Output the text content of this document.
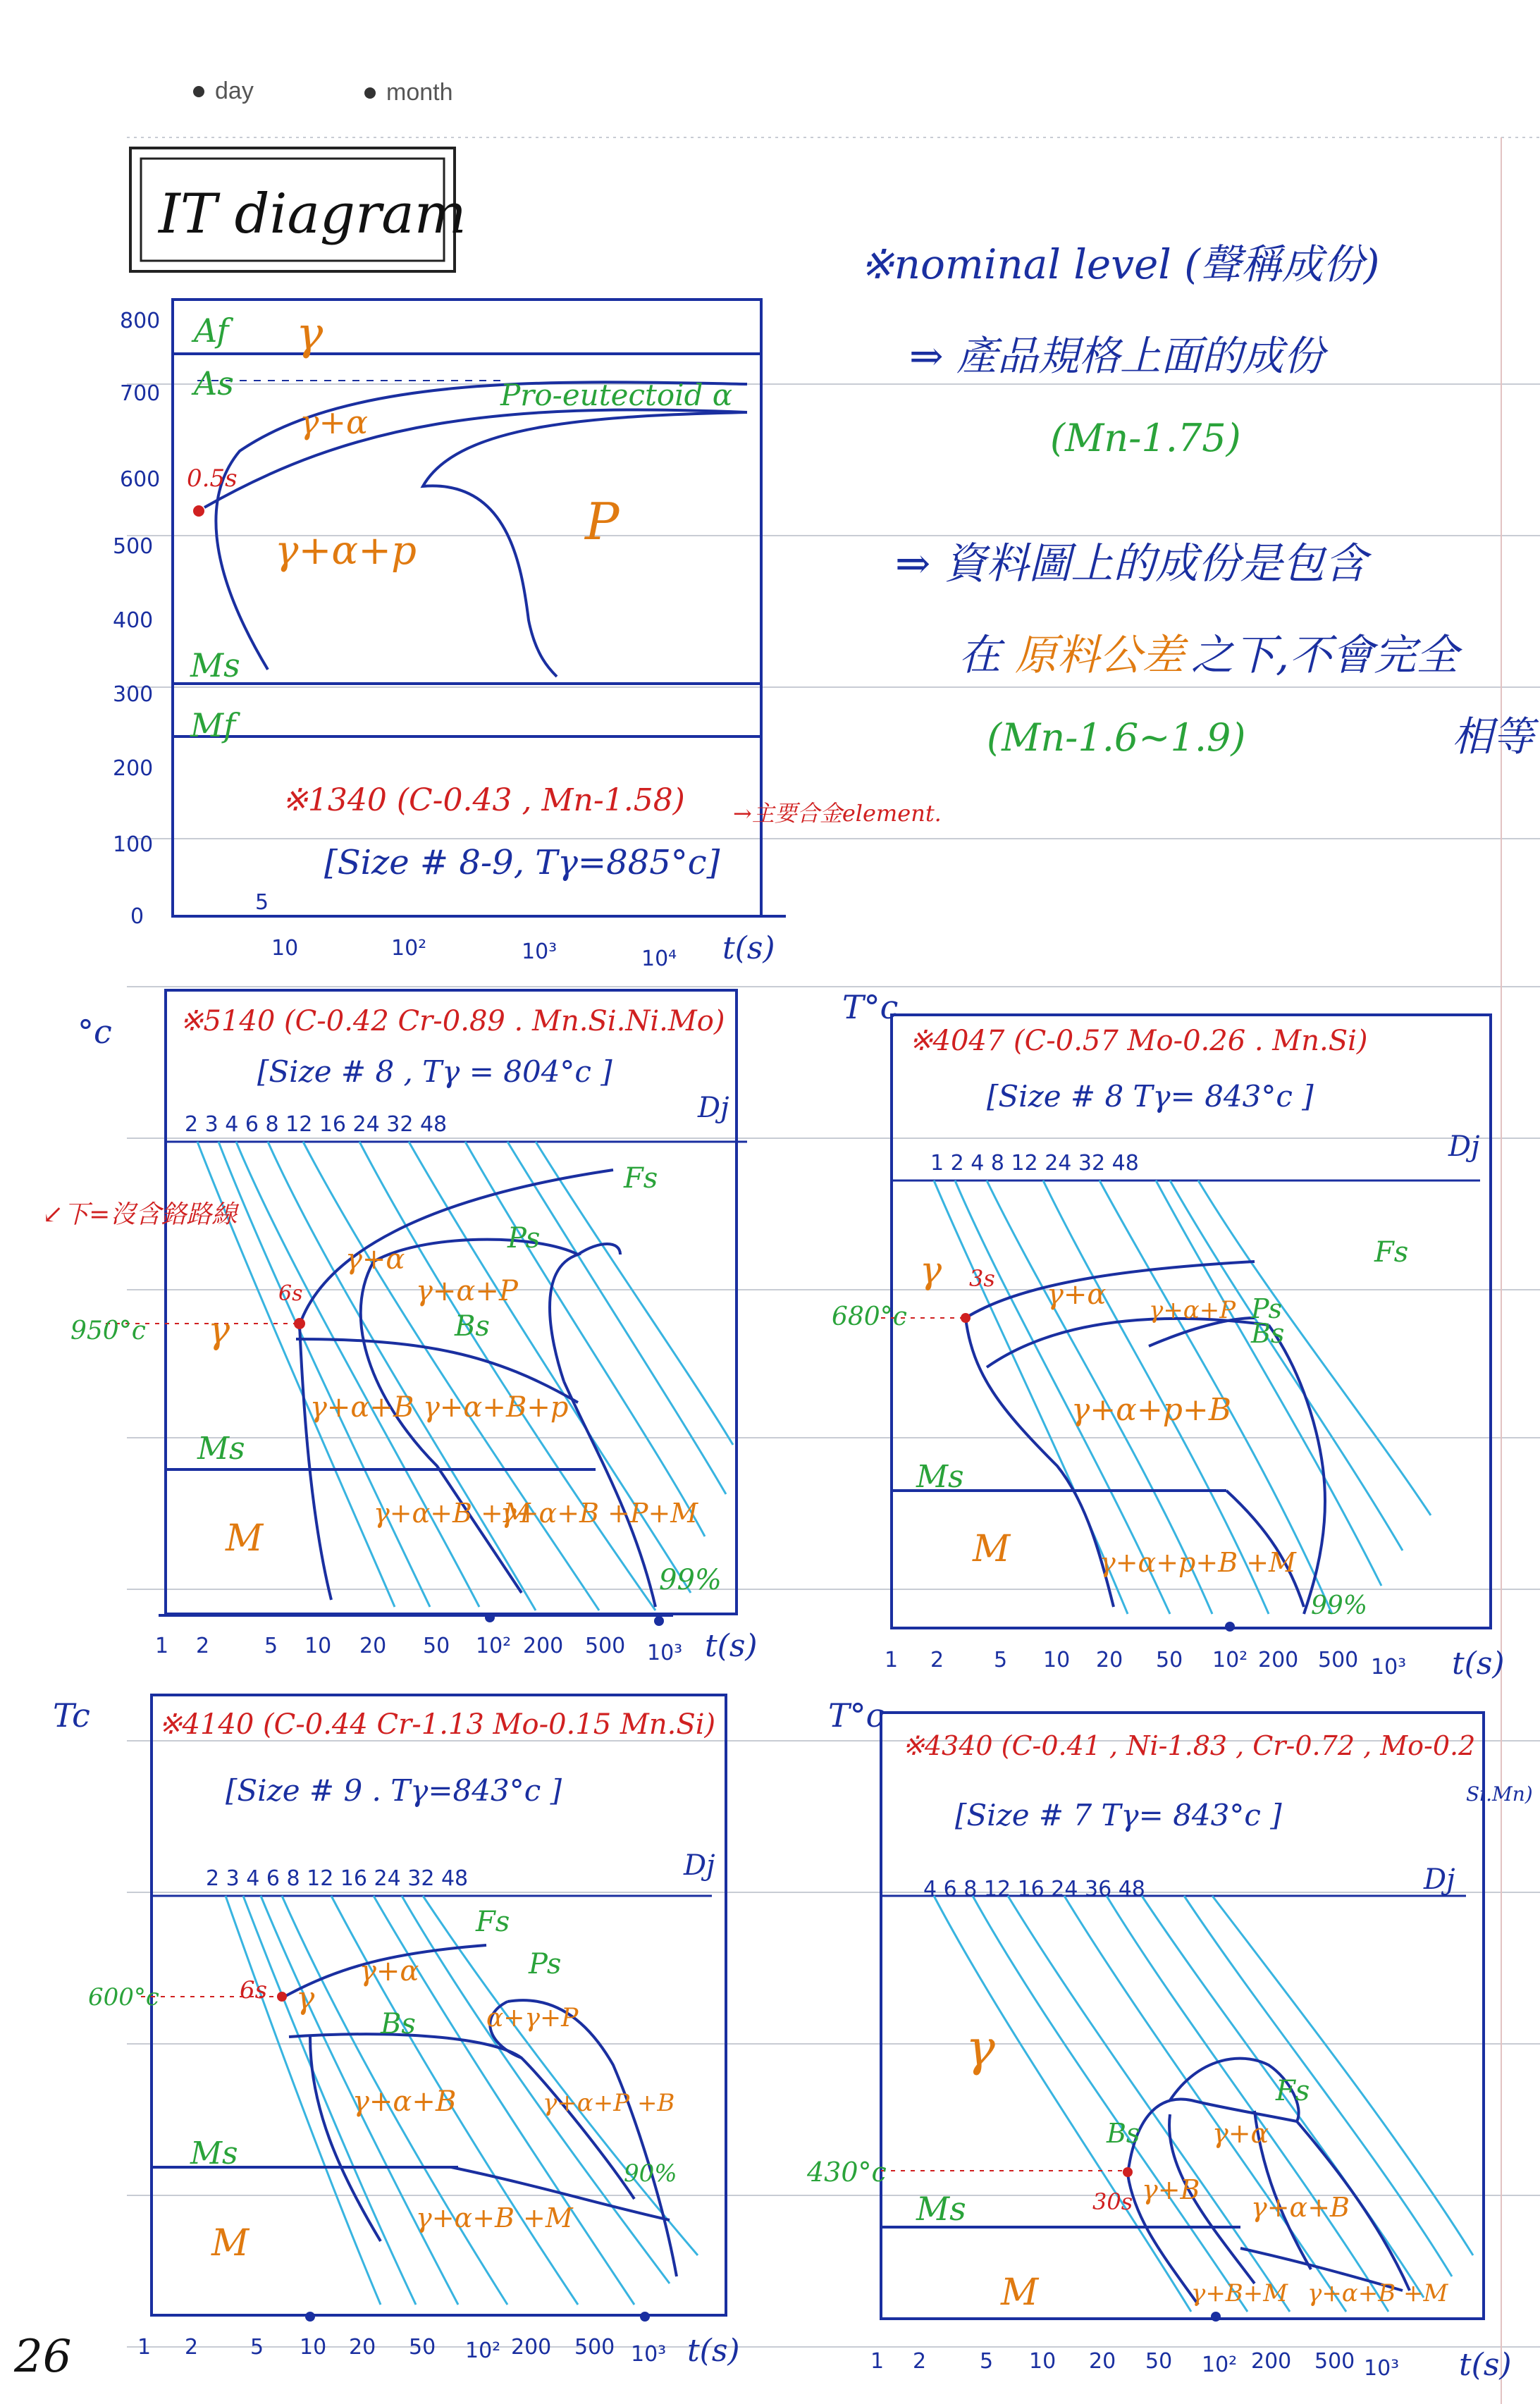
day	month
IT diagram
800
700
600
500
400
300
200
100
0
5
10	10²	10³	10⁴ t(s)
Af
As	Pro-eutectoid α
Ms
Mf
γ
γ+α
γ+α+p	P
0.5s
※1340 (C-0.43 , Mn-1.58) →主要合金element.
[Size # 8-9, Tγ=885°c]
※nominal level (聲稱成份)
⇒ 產品規格上面的成份
(Mn-1.75)
⇒ 資料圖上的成份是包含
在 原料公差 之下,不會完全
(Mn-1.6~1.9)	相等
°c ※5140 (C-0.42 Cr-0.89 . Mn.Si.Ni.Mo)
[Size # 8 , Tγ = 804°c ]
Dj
2 3 4 6 8 12 16 24 32 48
950°c
↙下=沒含鉻路線
6s
Fs
Ps
Bs
Ms
γ
γ+α
γ+α+P
γ+α+B γ+α+B+p
γ+α+B +M
γ+α+B +P+M
M
99%
1 2	5 10 20 50 10² 200 500 10³ t(s)
T°c
※4047 (C-0.57 Mo-0.26 . Mn.Si)
[Size # 8 Tγ= 843°c ]
Dj
1 2 4 8 12 24 32 48
680°c
3s
Fs
Ps
Bs
Ms
γ
γ+α γ+α+P
γ+α+p+B
γ+α+p+B +M
M
99%
1 2 5 10 20 50 10² 200 500 10³ t(s)
Tc ※4140 (C-0.44 Cr-1.13 Mo-0.15 Mn.Si)
[Size # 9 . Tγ=843°c ]
Dj
2 3 4 6 8 12 16 24 32 48
600°c	6s
Fs
Ps
Bs
Ms
γ
γ+α
α+γ+P
γ+α+B	γ+α+P +B
γ+α+B +M
M
90%
1 2 5 10 20 50 10² 200 500 10³ t(s)
T°c
※4340 (C-0.41 , Ni-1.83 , Cr-0.72 , Mo-0.2
Si.Mn)
[Size # 7 Tγ= 843°c ]
Dj
4 6 8 12 16 24 36 48
430°c
30s
Fs
Bs
Ms
γ
γ+α
γ+B
γ+α+B
γ+B+M γ+α+B +M
M
1 2	5 10 20 50 10² 200 500 10³ t(s)
26
